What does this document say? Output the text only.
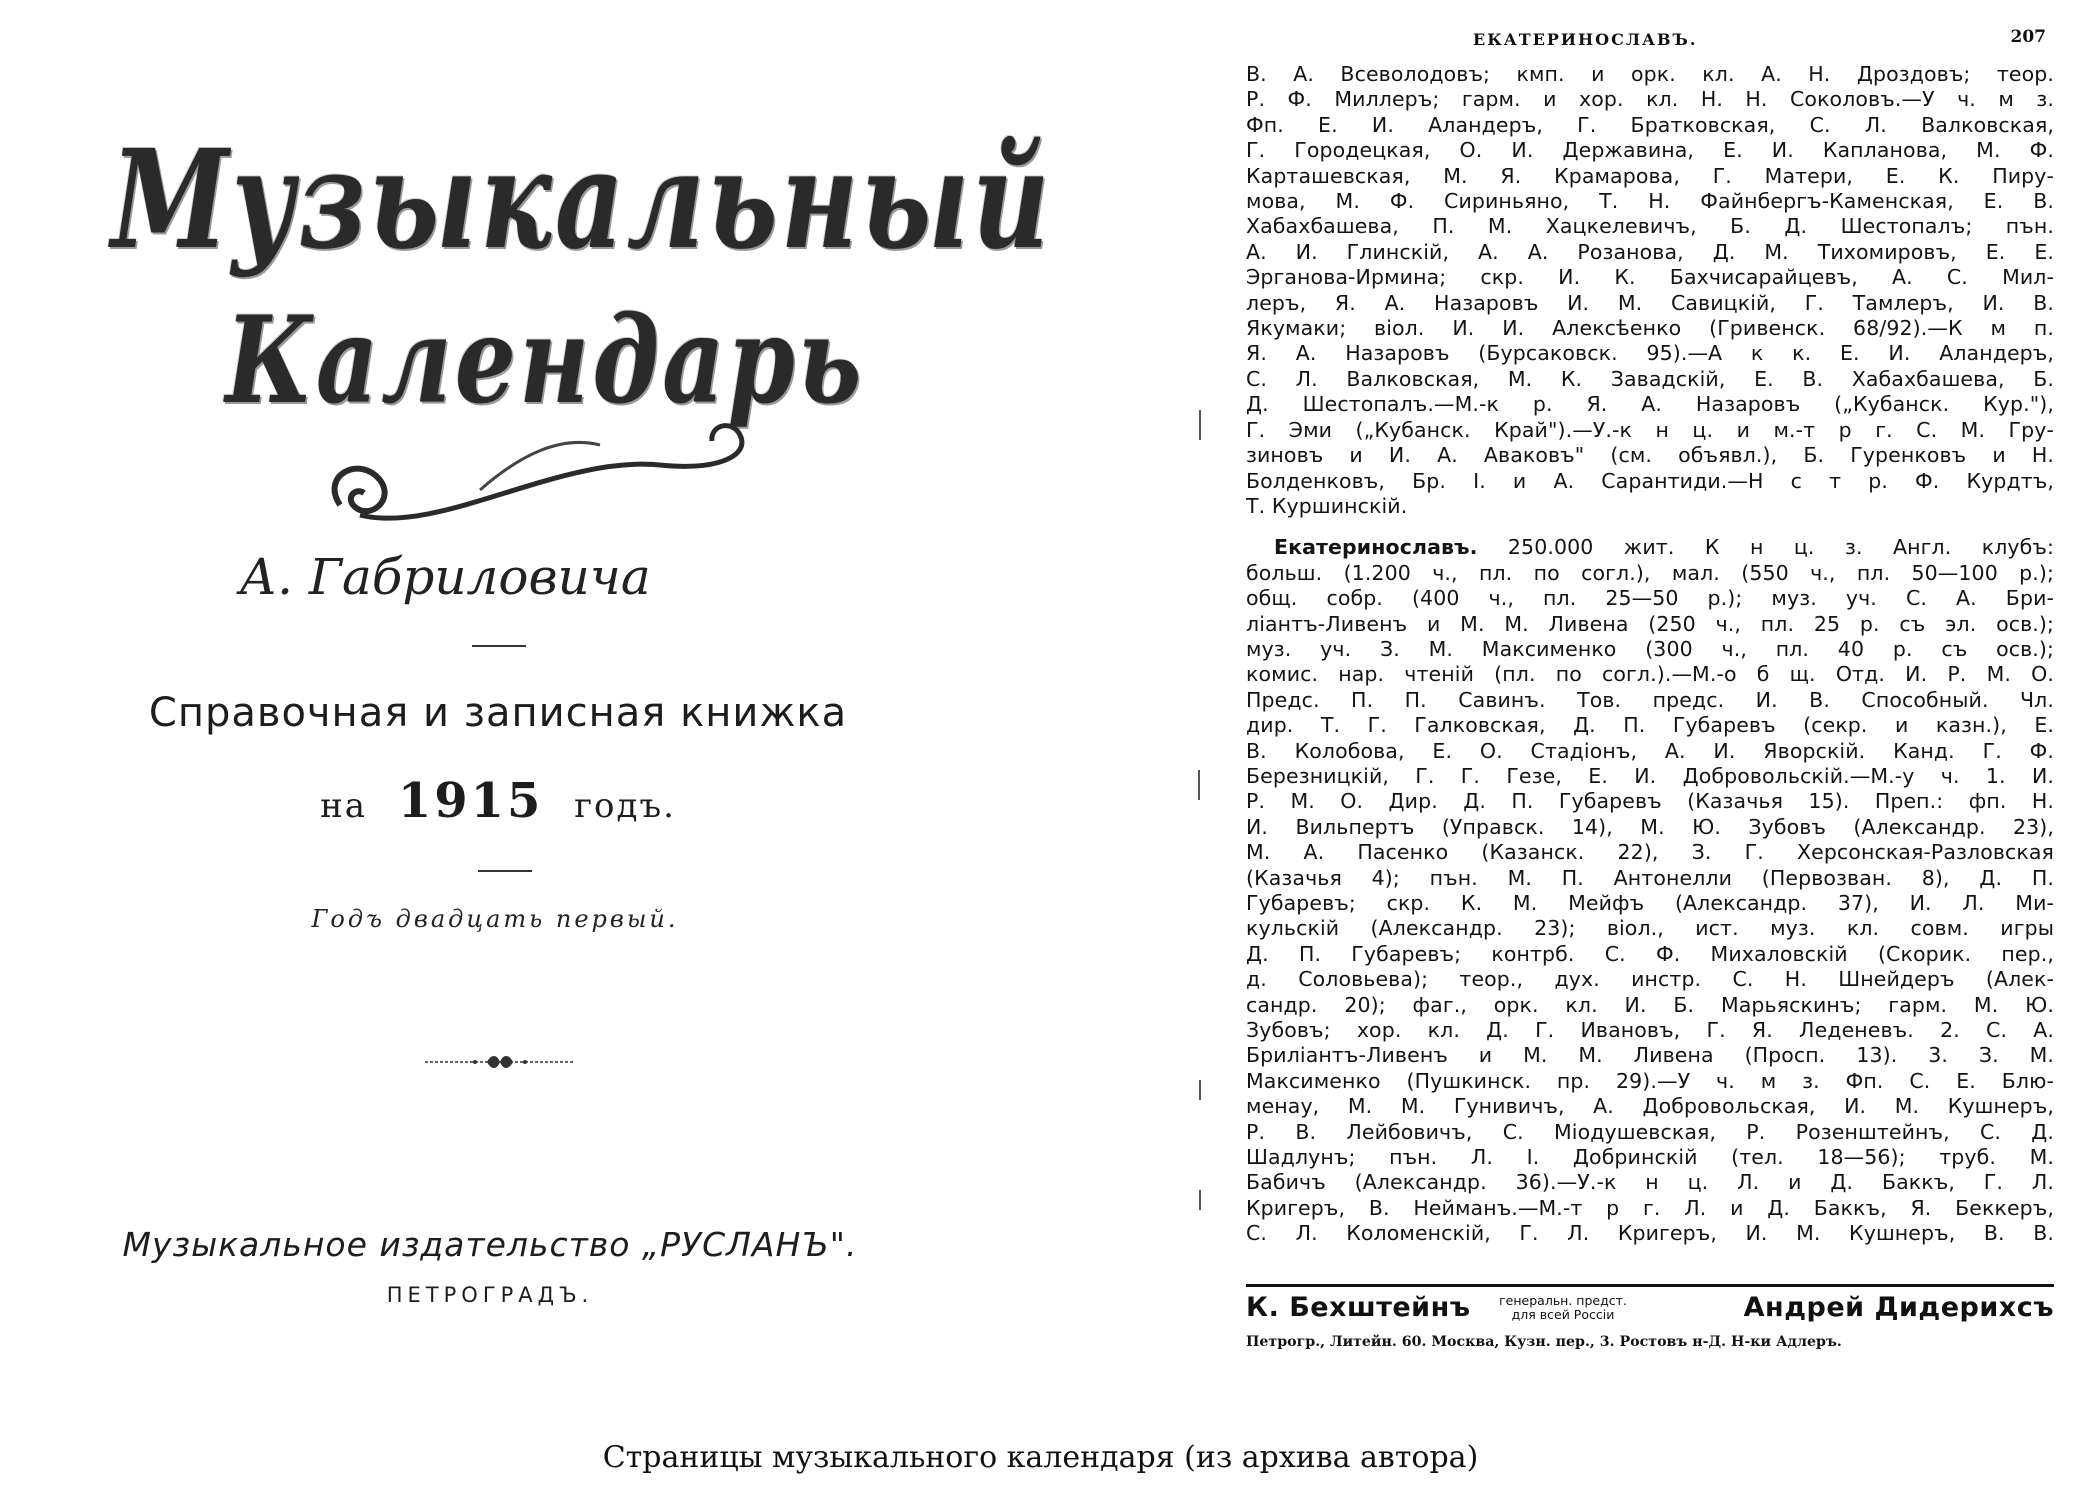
Музыкальный
Календарь
А. Габриловича
Справочная и записная книжка
на 1915 годъ.
Годъ двадцать первый.
Музыкальное издательство „РУСЛАНЪ".
ПЕТРОГРАДЪ.
ЕКАТЕРИНОСЛАВЪ.	207
В. А. Всеволодовъ; кмп. и орк. кл. А. Н. Дроздовъ; теор.
Р. Ф. Миллеръ; гарм. и хор. кл. Н. Н. Соколовъ.—У ч. м з.
Фп. Е. И. Аландеръ, Г. Братковская, С. Л. Валковская,
Г. Городецкая, О. И. Державина, Е. И. Капланова, М. Ф.
Карташевская, М. Я. Крамарова, Г. Матери, Е. К. Пиру-
мова, М. Ф. Сириньяно, Т. Н. Файнбергъ-Каменская, Е. В.
Хабахбашева, П. М. Хацкелевичъ, Б. Д. Шестопалъ; пън.
А. И. Глинскій, А. А. Розанова, Д. М. Тихомировъ, Е. Е.
Эрганова-Ирмина; скр. И. К. Бахчисарайцевъ, А. С. Мил-
леръ, Я. А. Назаровъ И. М. Савицкій, Г. Тамлеръ, И. В.
Якумаки; віол. И. И. Алексѣенко (Гривенск. 68/92).—К м п.
Я. А. Назаровъ (Бурсаковск. 95).—А к к. Е. И. Аландеръ,
С. Л. Валковская, М. К. Завадскій, Е. В. Хабахбашева, Б.
Д. Шестопалъ.—М.-к р. Я. А. Назаровъ („Кубанск. Кур."),
Г. Эми („Кубанск. Край").—У.-к н ц. и м.-т р г. С. М. Гру-
зиновъ и И. А. Аваковъ" (см. объявл.), Б. Гуренковъ и Н.
Болденковъ, Бр. I. и А. Сарантиди.—Н с т р. Ф. Курдтъ,
Т. Куршинскій.
Екатеринославъ. 250.000 жит. К н ц. з. Англ. клубъ:
больш. (1.200 ч., пл. по согл.), мал. (550 ч., пл. 50—100 р.);
общ. собр. (400 ч., пл. 25—50 р.); муз. уч. С. А. Бри-
ліантъ-Ливенъ и М. М. Ливена (250 ч., пл. 25 р. съ эл. осв.);
муз. уч. З. М. Максименко (300 ч., пл. 40 р. съ осв.);
комис. нар. чтеній (пл. по согл.).—М.-о б щ. Отд. И. Р. М. О.
Предс. П. П. Савинъ. Тов. предс. И. В. Способный. Чл.
дир. Т. Г. Галковская, Д. П. Губаревъ (секр. и казн.), Е.
В. Колобова, Е. О. Стадіонъ, А. И. Яворскій. Канд. Г. Ф.
Березницкій, Г. Г. Гезе, Е. И. Добровольскій.—М.-у ч. 1. И.
Р. М. О. Дир. Д. П. Губаревъ (Казачья 15). Преп.: фп. Н.
И. Вильпертъ (Управск. 14), М. Ю. Зубовъ (Александр. 23),
М. А. Пасенко (Казанск. 22), З. Г. Херсонская-Разловская
(Казачья 4); пън. М. П. Антонелли (Первозван. 8), Д. П.
Губаревъ; скр. К. М. Мейфъ (Александр. 37), И. Л. Ми-
кульскій (Александр. 23); віол., ист. муз. кл. совм. игры
Д. П. Губаревъ; контрб. С. Ф. Михаловскій (Скорик. пер.,
д. Соловьева); теор., дух. инстр. С. Н. Шнейдеръ (Алек-
сандр. 20); фаг., орк. кл. И. Б. Марьяскинъ; гарм. М. Ю.
Зубовъ; хор. кл. Д. Г. Ивановъ, Г. Я. Леденевъ. 2. С. А.
Бриліантъ-Ливенъ и М. М. Ливена (Просп. 13). 3. З. М.
Максименко (Пушкинск. пр. 29).—У ч. м з. Фп. С. Е. Блю-
менау, М. М. Гунивичъ, А. Добровольская, И. М. Кушнеръ,
Р. В. Лейбовичъ, С. Міодушевская, Р. Розенштейнъ, С. Д.
Шадлунъ; пън. Л. І. Добринскій (тел. 18—56); труб. М.
Бабичъ (Александр. 36).—У.-к н ц. Л. и Д. Баккъ, Г. Л.
Кригеръ, В. Нейманъ.—М.-т р г. Л. и Д. Баккъ, Я. Беккеръ,
С. Л. Коломенскій, Г. Л. Кригеръ, И. М. Кушнеръ, В. В.
К. Бехштейнъ	генеральн. предст.
для всей Россіи	Андрей Дидерихсъ
Петрогр., Литейн. 60. Москва, Кузн. пер., 3. Ростовъ н-Д. Н-ки Адлеръ.
Страницы музыкального календаря (из архива автора)
